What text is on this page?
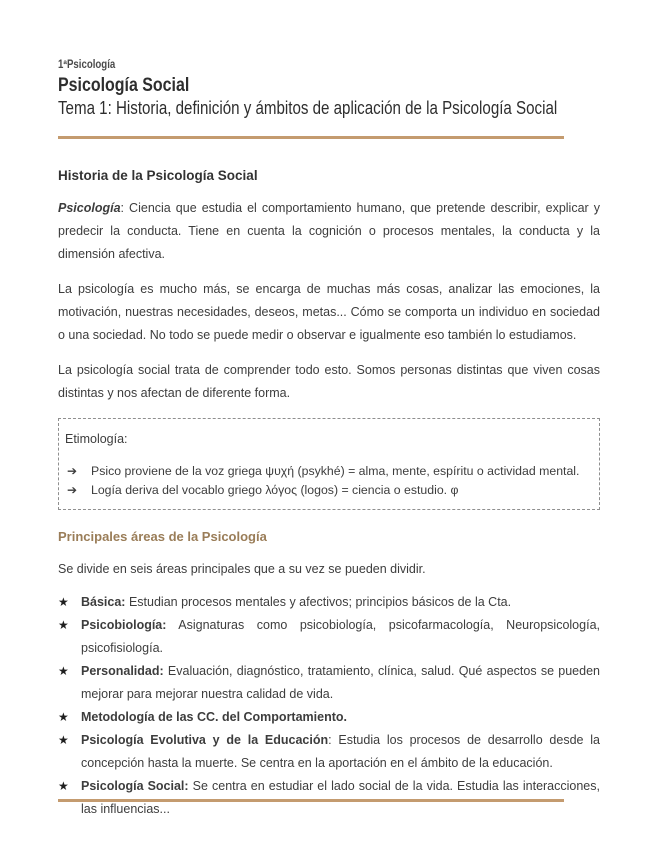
1ªPsicología
Psicología Social
Tema 1: Historia, definición y ámbitos de aplicación de la Psicología Social
Historia de la Psicología Social

Psicología: Ciencia que estudia el comportamiento humano, que pretende describir, explicar y predecir la conducta. Tiene en cuenta la cognición o procesos mentales, la conducta y la dimensión afectiva.

La psicología es mucho más, se encarga de muchas más cosas, analizar las emociones, la motivación, nuestras necesidades, deseos, metas... Cómo se comporta un individuo en sociedad o una sociedad. No todo se puede medir o observar e igualmente eso también lo estudiamos.

La psicología social trata de comprender todo esto. Somos personas distintas que viven cosas distintas y nos afectan de diferente forma.

Etimología:
➔ Psico proviene de la voz griega ψυχή (psykhé) = alma, mente, espíritu o actividad mental.
➔ Logía deriva del vocablo griego λόγος (logos) = ciencia o estudio. φ
Principales áreas de la Psicología

Se divide en seis áreas principales que a su vez se pueden dividir.

★ Básica: Estudian procesos mentales y afectivos; principios básicos de la Cta.
★ Psicobiología: Asignaturas como psicobiología, psicofarmacología, Neuropsicología, psicofisiología.
★ Personalidad: Evaluación, diagnóstico, tratamiento, clínica, salud. Qué aspectos se pueden mejorar para mejorar nuestra calidad de vida.
★ Metodología de las CC. del Comportamiento.
★ Psicología Evolutiva y de la Educación: Estudia los procesos de desarrollo desde la concepción hasta la muerte. Se centra en la aportación en el ámbito de la educación.
★ Psicología Social: Se centra en estudiar el lado social de la vida. Estudia las interacciones, las influencias...
